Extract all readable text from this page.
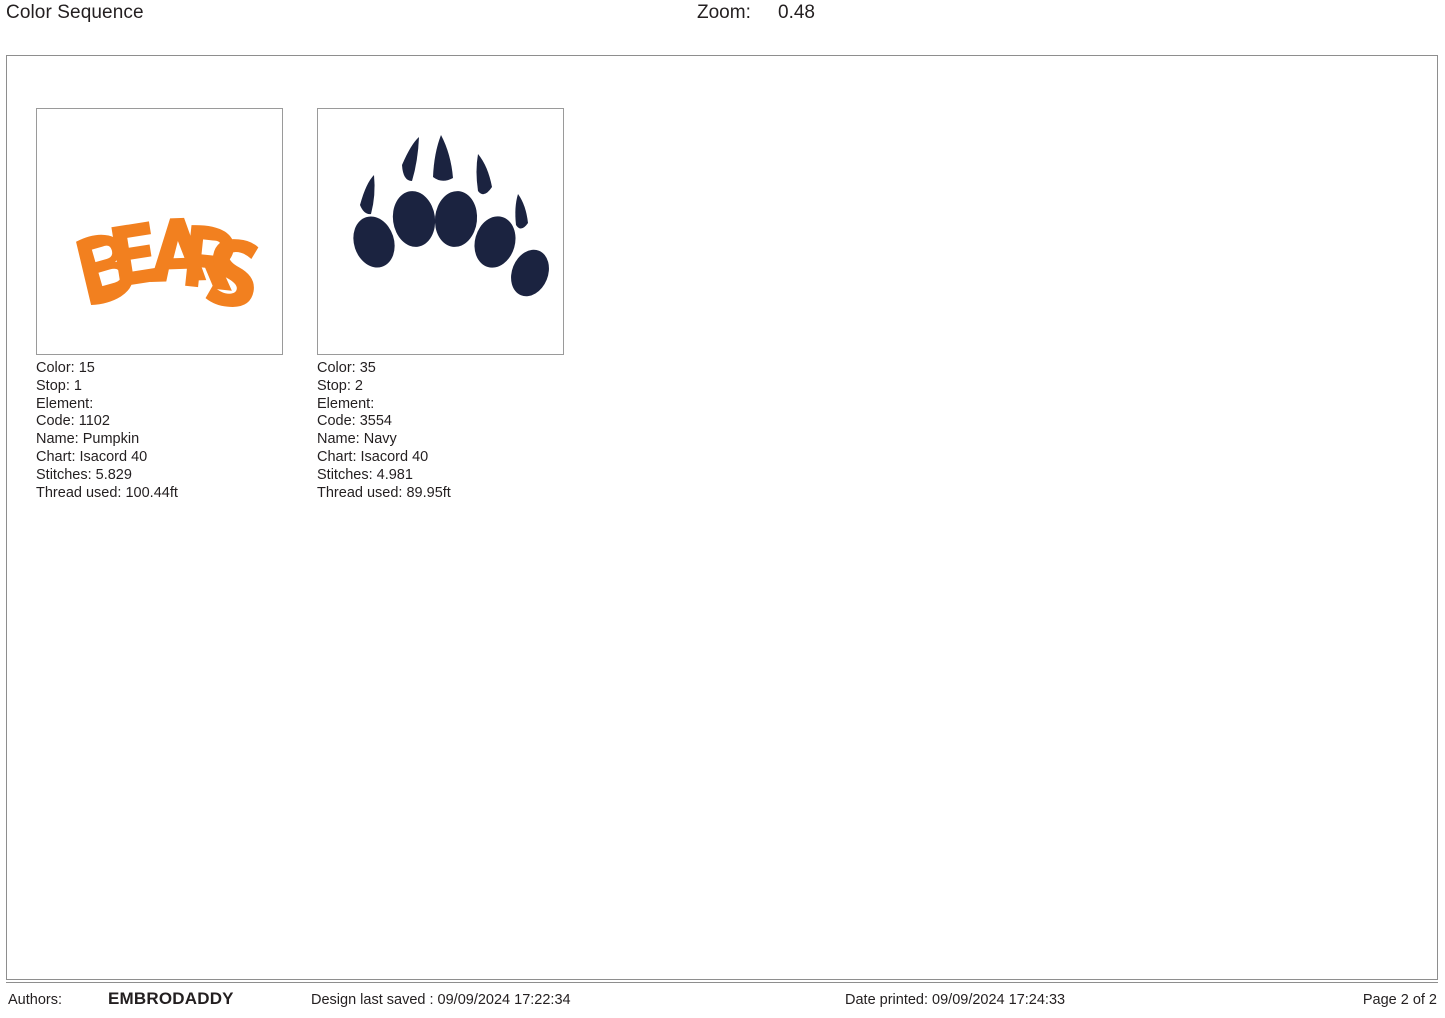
Color Sequence	Zoom: 0.48
Color: 15
Stop: 1
Element:
Code: 1102
Name: Pumpkin
Chart: Isacord 40
Stitches: 5.829
Thread used: 100.44ft
Color: 35
Stop: 2
Element:
Code: 3554
Name: Navy
Chart: Isacord 40
Stitches: 4.981
Thread used: 89.95ft
Authors:	EMBRODADDY	Design last saved : 09/09/2024 17:22:34	Date printed: 09/09/2024 17:24:33	Page 2 of 2
